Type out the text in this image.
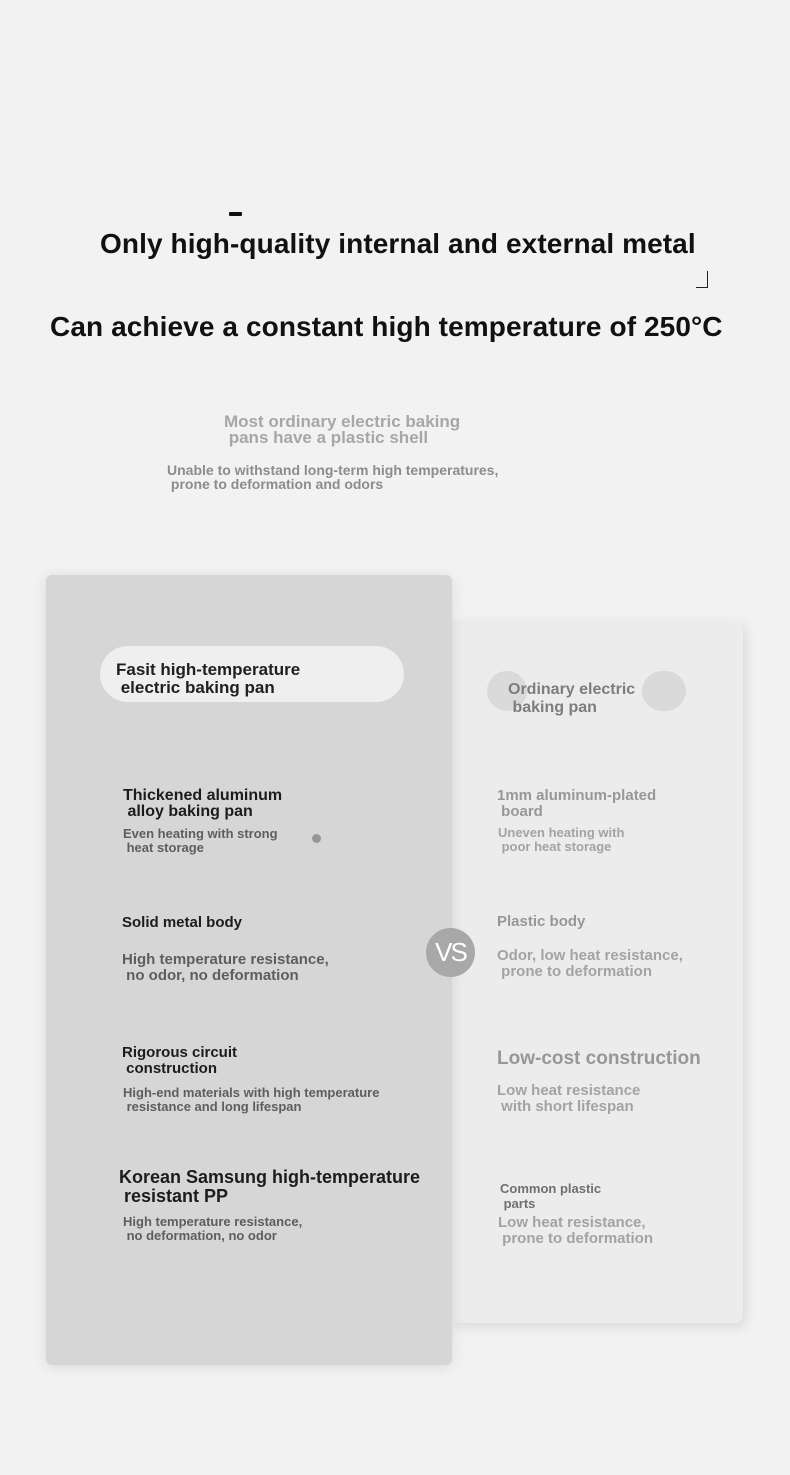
Only high-quality internal and external metal
Can achieve a constant high temperature of 250°C
Most ordinary electric baking
pans have a plastic shell
Unable to withstand long-term high temperatures,
prone to deformation and odors
Fasit high-temperature
electric baking pan	Ordinary electric
baking pan
VS
Thickened aluminum
alloy baking pan
Even heating with strong
heat storage
Solid metal body
High temperature resistance,
no odor, no deformation
Rigorous circuit
construction
High-end materials with high temperature
resistance and long lifespan
Korean Samsung high-temperature
resistant PP
High temperature resistance,
no deformation, no odor
1mm aluminum-plated
board
Uneven heating with
poor heat storage
Plastic body
Odor, low heat resistance,
prone to deformation
Low-cost construction
Low heat resistance
with short lifespan
Common plastic
parts
Low heat resistance,
prone to deformation
